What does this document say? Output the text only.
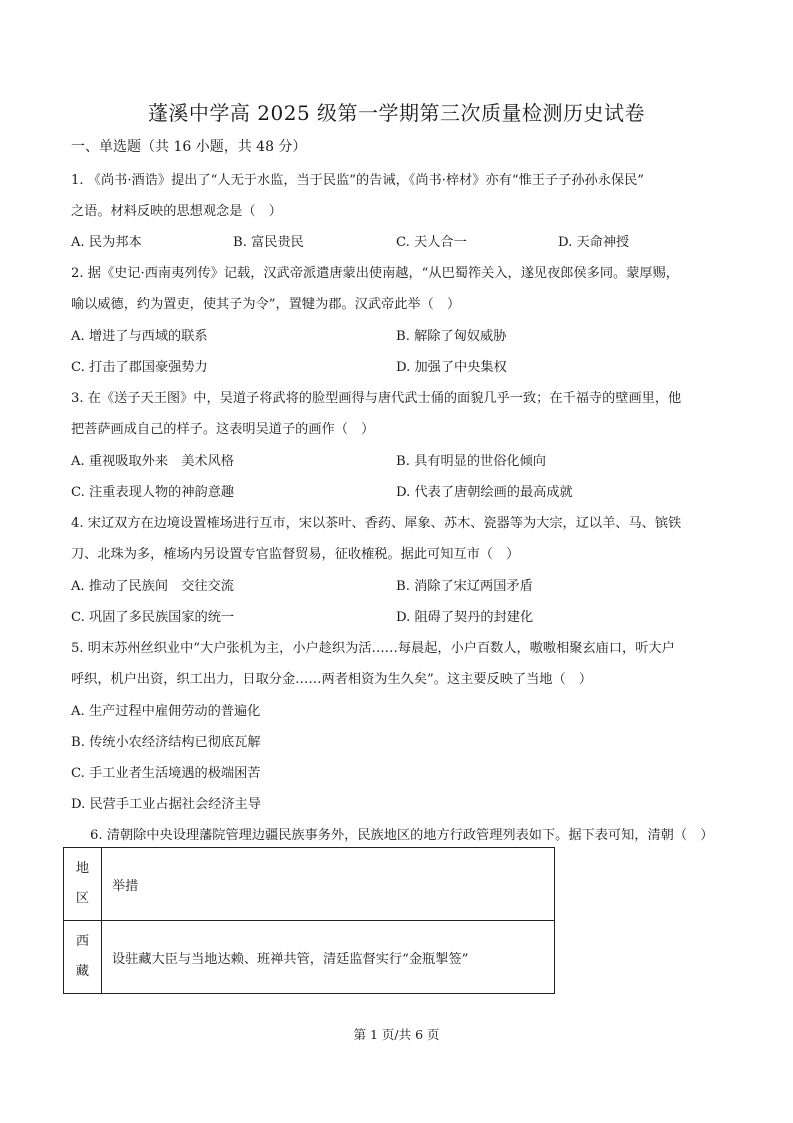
蓬溪中学高 2025 级第一学期第三次质量检测历史试卷
一、单选题（共 16 小题，共 48 分）
1. 《尚书·酒诰》提出了“人无于水监，当于民监”的告诫，《尚书·梓材》亦有“惟王子子孙孙永保民”
之语。材料反映的思想观念是（　）
A. 民为邦本	B. 富民贵民	C. 天人合一	D. 天命神授
2. 据《史记·西南夷列传》记载，汉武帝派遣唐蒙出使南越，“从巴蜀筰关入，遂见夜郎侯多同。蒙厚赐，
喻以威德，约为置吏，使其子为令”，置犍为郡。汉武帝此举（　）
A. 增进了与西域的联系	B. 解除了匈奴威胁
C. 打击了郡国豪强势力	D. 加强了中央集权
3. 在《送子天王图》中，吴道子将武将的脸型画得与唐代武士俑的面貌几乎一致；在千福寺的壁画里，他
把菩萨画成自己的样子。这表明吴道子的画作（　）
A. 重视吸取外来　美术风格	B. 具有明显的世俗化倾向
C. 注重表现人物的神韵意趣	D. 代表了唐朝绘画的最高成就
4. 宋辽双方在边境设置榷场进行互市，宋以茶叶、香药、犀象、苏木、瓷器等为大宗，辽以羊、马、镔铁
刀、北珠为多，榷场内另设置专官监督贸易，征收榷税。据此可知互市（　）
A. 推动了民族间　交往交流	B. 消除了宋辽两国矛盾
C. 巩固了多民族国家的统一	D. 阻碍了契丹的封建化
5. 明末苏州丝织业中“大户张机为主，小户趁织为活……每晨起，小户百数人，嗷嗷相聚玄庙口，听大户
呼织，机户出资，织工出力，日取分金……两者相资为生久矣”。这主要反映了当地（　）
A. 生产过程中雇佣劳动的普遍化
B. 传统小农经济结构已彻底瓦解
C. 手工业者生活境遇的极端困苦
D. 民营手工业占据社会经济主导
6. 清朝除中央设理藩院管理边疆民族事务外，民族地区的地方行政管理列表如下。据下表可知，清朝（　）
地
区	举措

西
藏	设驻藏大臣与当地达赖、班禅共管，清廷监督实行“金瓶掣签”
第 1 页/共 6 页
